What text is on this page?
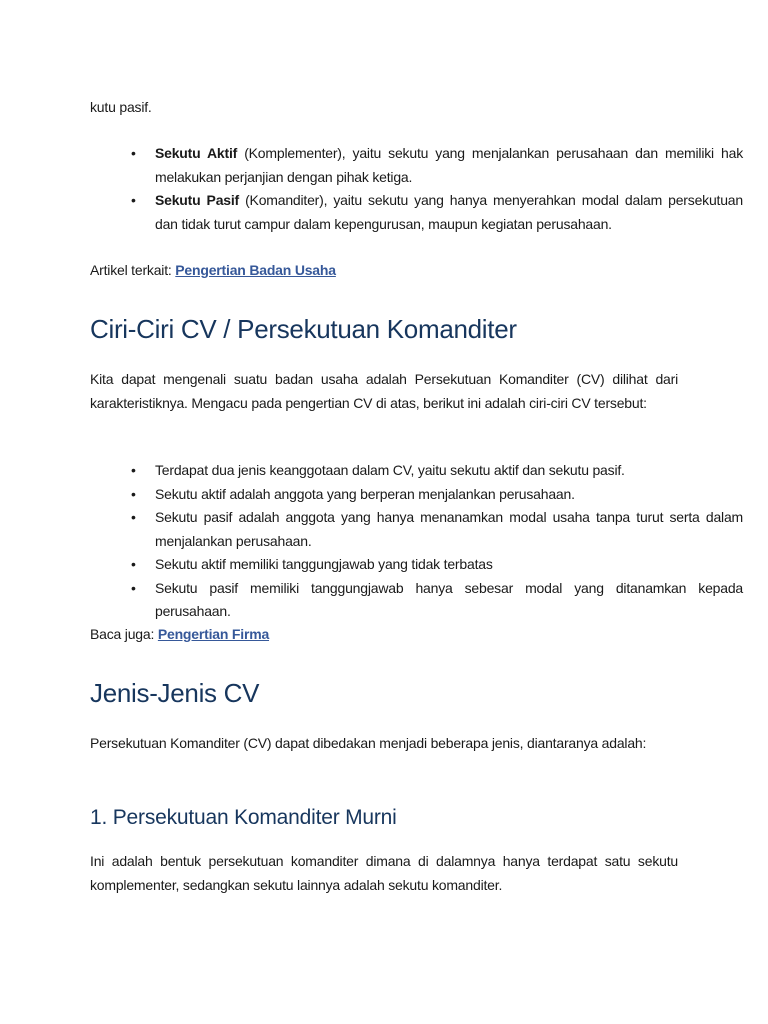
kutu pasif.

• Sekutu Aktif (Komplementer), yaitu sekutu yang menjalankan perusahaan dan memiliki hak melakukan perjanjian dengan pihak ketiga.
• Sekutu Pasif (Komanditer), yaitu sekutu yang hanya menyerahkan modal dalam persekutuan dan tidak turut campur dalam kepengurusan, maupun kegiatan perusahaan.

Artikel terkait: Pengertian Badan Usaha

Ciri-Ciri CV / Persekutuan Komanditer

Kita dapat mengenali suatu badan usaha adalah Persekutuan Komanditer (CV) dilihat dari karakteristiknya. Mengacu pada pengertian CV di atas, berikut ini adalah ciri-ciri CV tersebut:

• Terdapat dua jenis keanggotaan dalam CV, yaitu sekutu aktif dan sekutu pasif.
• Sekutu aktif adalah anggota yang berperan menjalankan perusahaan.
• Sekutu pasif adalah anggota yang hanya menanamkan modal usaha tanpa turut serta dalam menjalankan perusahaan.
• Sekutu aktif memiliki tanggungjawab yang tidak terbatas
• Sekutu pasif memiliki tanggungjawab hanya sebesar modal yang ditanamkan kepada perusahaan.

Baca juga: Pengertian Firma

Jenis-Jenis CV

Persekutuan Komanditer (CV) dapat dibedakan menjadi beberapa jenis, diantaranya adalah:

1. Persekutuan Komanditer Murni

Ini adalah bentuk persekutuan komanditer dimana di dalamnya hanya terdapat satu sekutu komplementer, sedangkan sekutu lainnya adalah sekutu komanditer.
